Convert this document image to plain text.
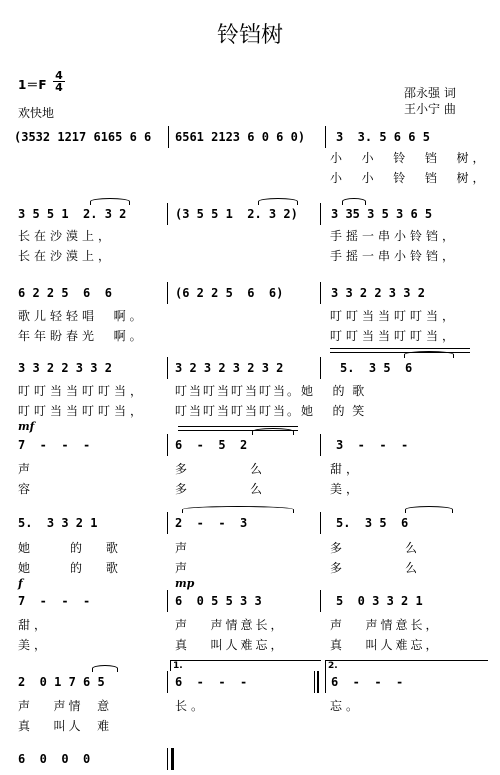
铃铛树
1＝F
4
4
欢快地
邵永强 词
王小宁 曲
(3532 1217 6165 6 6 6561 2123 6 0 6 0)	3  3. 5 6 6 5
小  小  铃  铛  树，
小  小  铃  铛  树，
3 5 5 1  2. 3 2	(3 5 5 1  2. 3 2)	3 35 3 5 3 6 5
长在沙漠上，
长在沙漠上，
手摇一串小铃铛，
手摇一串小铃铛，
6 2 2 5  6  6	(6 2 2 5  6  6)	3 3 2 2 3 3 2
歌儿轻轻唱  啊。
年年盼春光  啊。
叮叮当当叮叮当，
叮叮当当叮叮当，
3 3 2 2 3 3 2	3 2 3 2 3 2 3 2	5.  3 5  6
叮叮当当叮叮当， 叮当叮当叮当叮当。她   的 歌
叮叮当当叮叮当， 叮当叮当叮当叮当。她   的 笑
mf
7  -  -  -	6  -  5  2	3  -  -  -
声	多	么	甜，
容	多	么	美，
5.  3 3 2 1	2  -  -  3	5.  3 5  6
她	的 歌	声	多	么
她	的 歌	声	多	么
f	mp
7  -  -  -	6  0 5 5 3 3	5  0 3 3 2 1
甜，	声   声情意长，	声   声情意长，
美，	真   叫人难忘，	真   叫人难忘，
1.	2.
2  0 1 7 6 5	6  -  -  -	6  -  -  -
声   声情  意	长。	忘。
真   叫人  难
6  0  0  0
